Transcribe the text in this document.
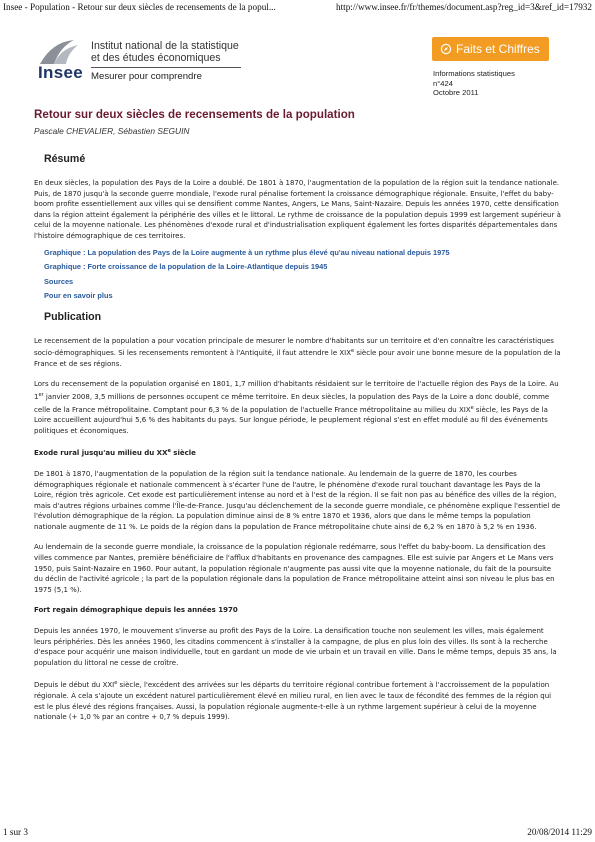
Insee - Population - Retour sur deux siècles de recensements de la popul...	http://www.insee.fr/fr/themes/document.asp?reg_id=3&ref_id=17932
Insee
Institut national de la statistique
et des études économiques
Mesurer pour comprendre
Faits et Chiffres
Informations statistiques
n°424
Octobre 2011
Retour sur deux siècles de recensements de la population
Pascale CHEVALIER, Sébastien SEGUIN
Résumé

En deux siècles, la population des Pays de la Loire a doublé. De 1801 à 1870, l'augmentation de la population de la région suit la tendance nationale. Puis, de 1870 jusqu'à la seconde guerre mondiale, l'exode rural pénalise fortement la croissance démographique régionale. Ensuite, l'effet du baby-boom profite essentiellement aux villes qui se densifient comme Nantes, Angers, Le Mans, Saint-Nazaire. Depuis les années 1970, cette densification dans la région atteint également la périphérie des villes et le littoral. Le rythme de croissance de la population depuis 1999 est largement supérieur à celui de la moyenne nationale. Les phénomènes d'exode rural et d'industrialisation expliquent également les fortes disparités départementales dans l'histoire démographique de ces territoires.

Graphique : La population des Pays de la Loire augmente à un rythme plus élevé qu'au niveau national depuis 1975
Graphique : Forte croissance de la population de la Loire-Atlantique depuis 1945
Sources
Pour en savoir plus
Publication

Le recensement de la population a pour vocation principale de mesurer le nombre d'habitants sur un territoire et d'en connaître les caractéristiques socio-démographiques. Si les recensements remontent à l'Antiquité, il faut attendre le XIXe siècle pour avoir une bonne mesure de la population de la France et de ses régions.

Lors du recensement de la population organisé en 1801, 1,7 million d'habitants résidaient sur le territoire de l'actuelle région des Pays de la Loire. Au 1er janvier 2008, 3,5 millions de personnes occupent ce même territoire. En deux siècles, la population des Pays de la Loire a donc doublé, comme celle de la France métropolitaine. Comptant pour 6,3 % de la population de l'actuelle France métropolitaine au milieu du XIXe siècle, les Pays de la Loire accueillent aujourd'hui 5,6 % des habitants du pays. Sur longue période, le peuplement régional s'est en effet modulé au fil des événements politiques et économiques.

Exode rural jusqu'au milieu du XXe siècle

De 1801 à 1870, l'augmentation de la population de la région suit la tendance nationale. Au lendemain de la guerre de 1870, les courbes démographiques régionale et nationale commencent à s'écarter l'une de l'autre, le phénomène d'exode rural touchant davantage les Pays de la Loire, région très agricole. Cet exode est particulièrement intense au nord et à l'est de la région. Il se fait non pas au bénéfice des villes de la région, mais d'autres régions urbaines comme l'Île-de-France. Jusqu'au déclenchement de la seconde guerre mondiale, ce phénomène explique l'essentiel de l'évolution démographique de la région. La population diminue ainsi de 8 % entre 1870 et 1936, alors que dans le même temps la population nationale augmente de 11 %. Le poids de la région dans la population de France métropolitaine chute ainsi de 6,2 % en 1870 à 5,2 % en 1936.

Au lendemain de la seconde guerre mondiale, la croissance de la population régionale redémarre, sous l'effet du baby-boom. La densification des villes commence par Nantes, première bénéficiaire de l'afflux d'habitants en provenance des campagnes. Elle est suivie par Angers et Le Mans vers 1950, puis Saint-Nazaire en 1960. Pour autant, la population régionale n'augmente pas aussi vite que la moyenne nationale, du fait de la poursuite du déclin de l'activité agricole ; la part de la population régionale dans la population de France métropolitaine atteint ainsi son niveau le plus bas en 1975 (5,1 %).

Fort regain démographique depuis les années 1970

Depuis les années 1970, le mouvement s'inverse au profit des Pays de la Loire. La densification touche non seulement les villes, mais également leurs périphéries. Dès les années 1960, les citadins commencent à s'installer à la campagne, de plus en plus loin des villes. Ils sont à la recherche d'espace pour acquérir une maison individuelle, tout en gardant un mode de vie urbain et un travail en ville. Dans le même temps, depuis 35 ans, la population du littoral ne cesse de croître.

Depuis le début du XXIe siècle, l'excédent des arrivées sur les départs du territoire régional contribue fortement à l'accroissement de la population régionale. À cela s'ajoute un excédent naturel particulièrement élevé en milieu rural, en lien avec le taux de fécondité des femmes de la région qui est le plus élevé des régions françaises. Aussi, la population régionale augmente-t-elle à un rythme largement supérieur à celui de la moyenne nationale (+ 1,0 % par an contre + 0,7 % depuis 1999).

1 sur 3	20/08/2014 11:29
